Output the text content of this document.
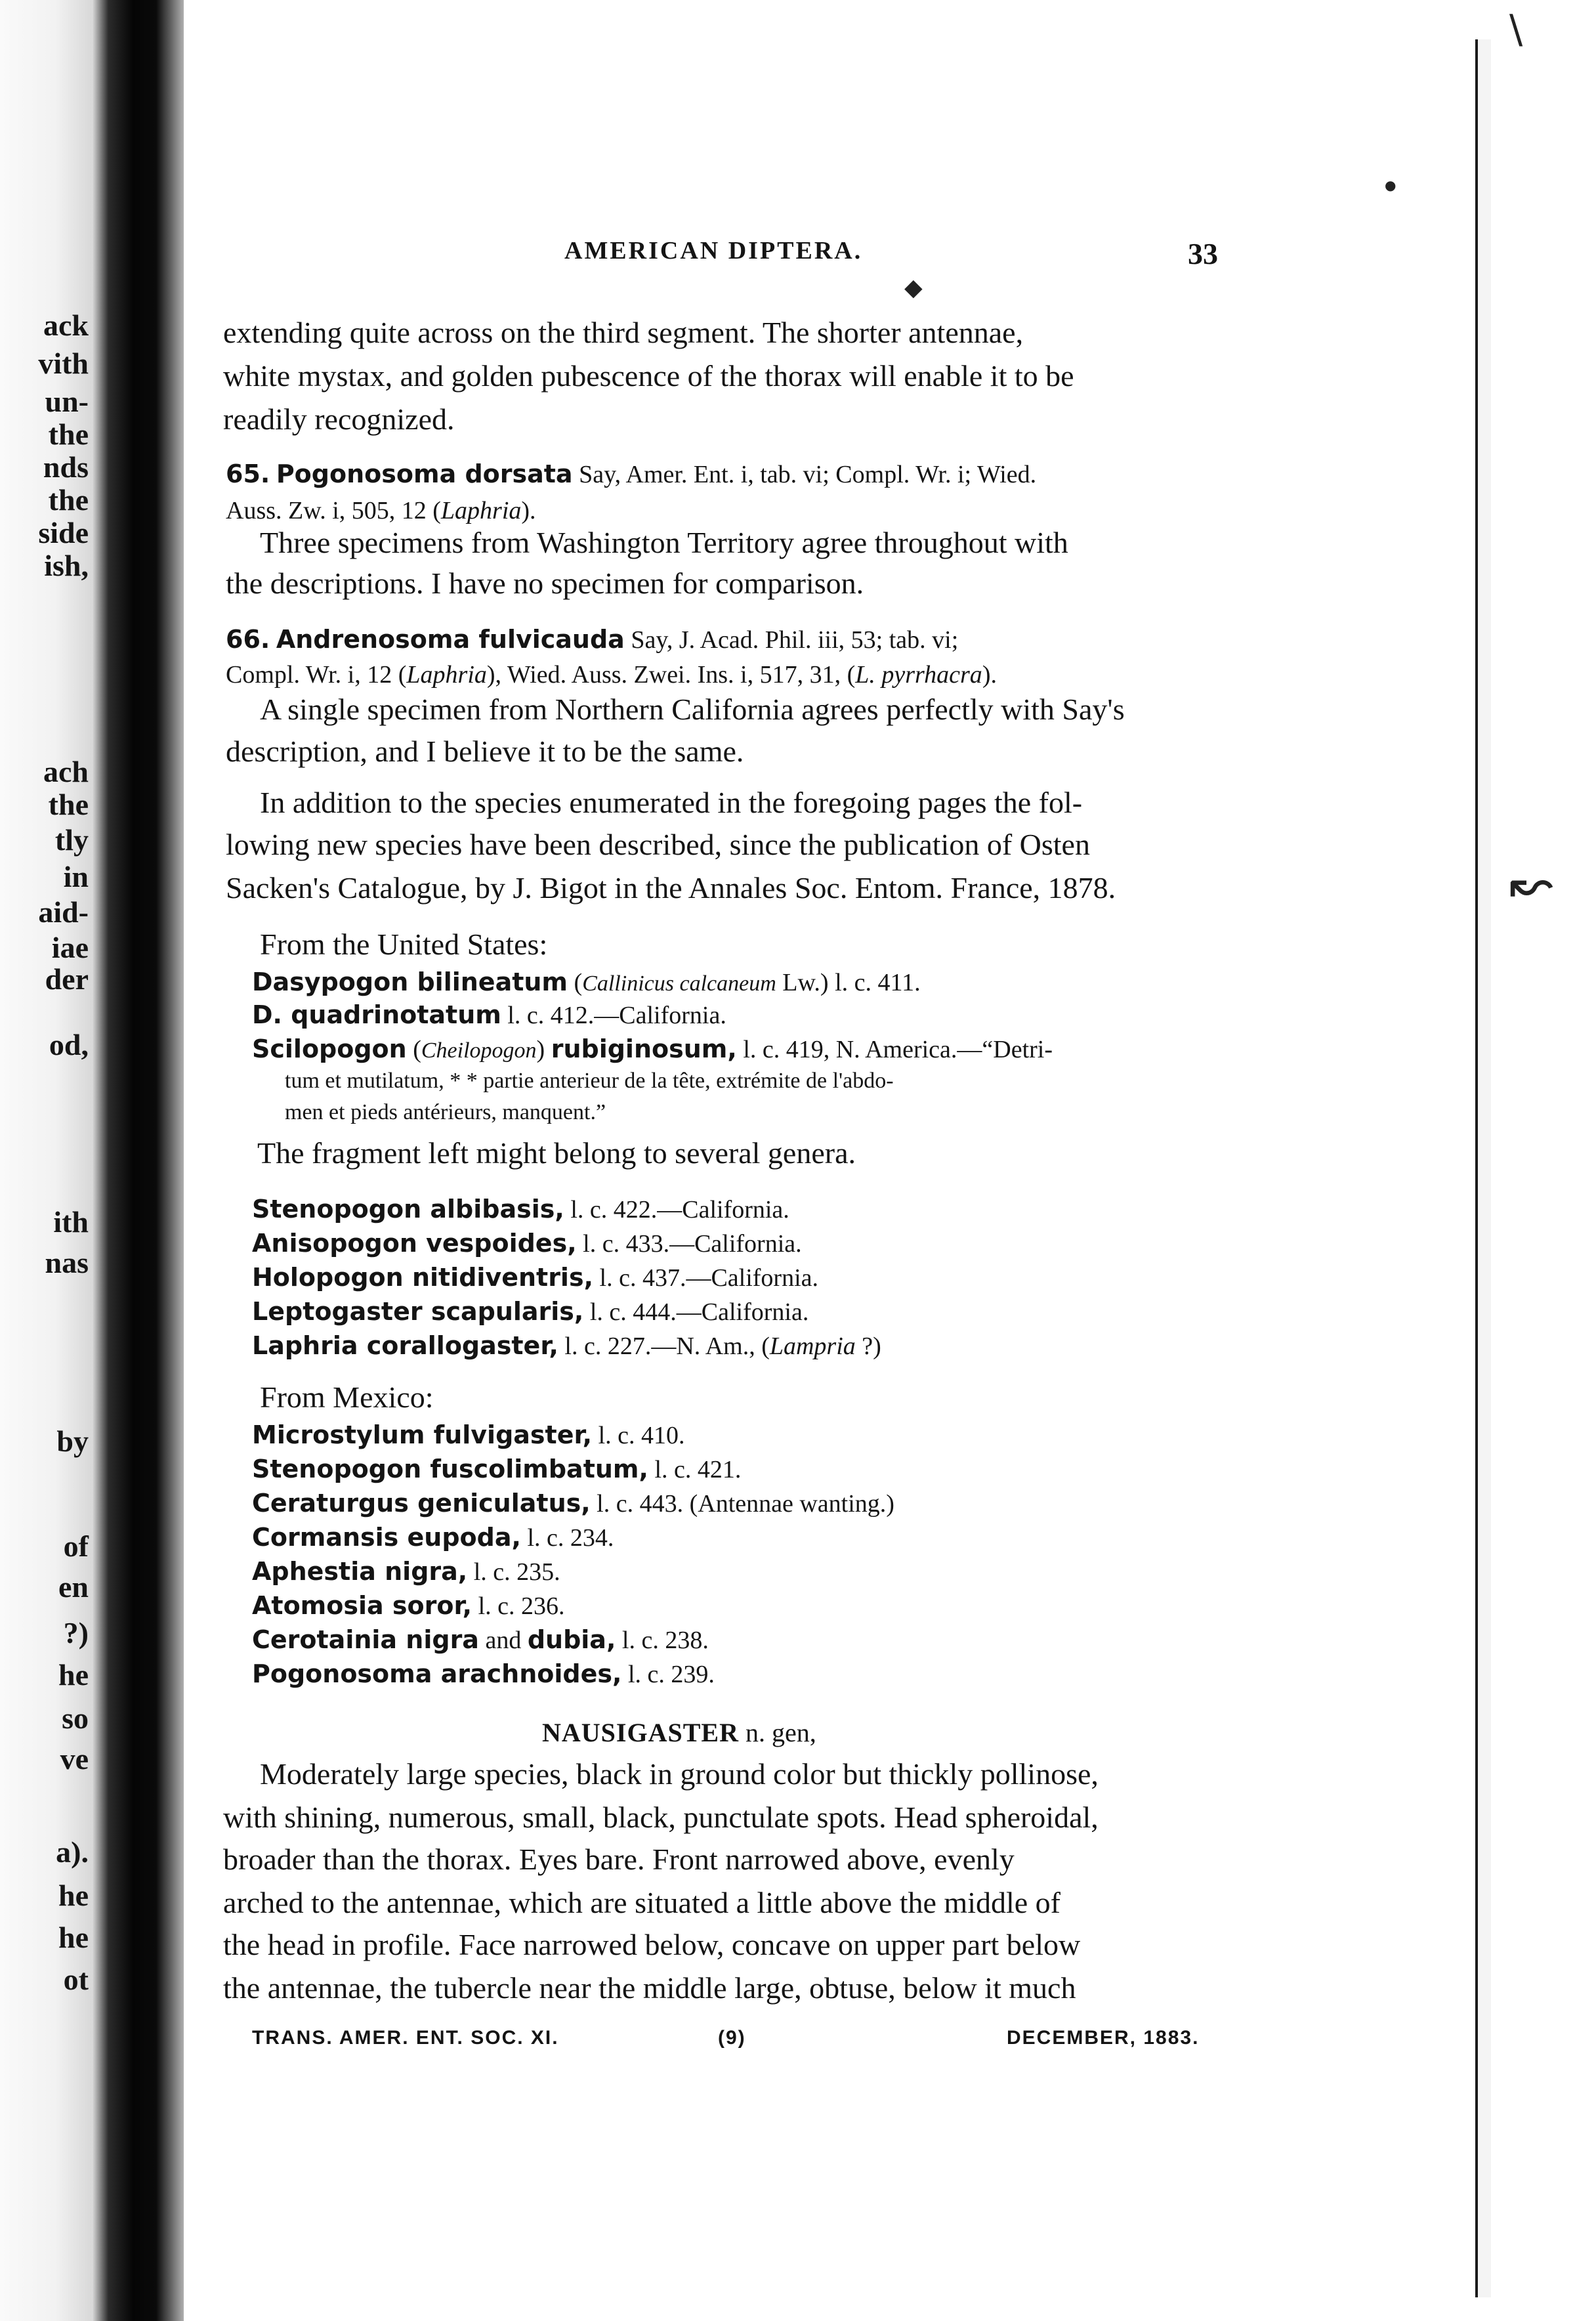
\
↜
●
◆
ack
vith
un-
the
nds
the
side
ish,
ach
the
tly
in
aid-
iae
der
od,
ith
nas
by
of
en
?)
he
so
ve
a).
he
he
ot
AMERICAN DIPTERA.	33
extending quite across on the third segment. The shorter antennae,
white mystax, and golden pubescence of the thorax will enable it to be
readily recognized.
65. Pogonosoma dorsata Say, Amer. Ent. i, tab. vi; Compl. Wr. i; Wied.
Auss. Zw. i, 505, 12 (Laphria).
Three specimens from Washington Territory agree throughout with
the descriptions. I have no specimen for comparison.
66. Andrenosoma fulvicauda Say, J. Acad. Phil. iii, 53; tab. vi;
Compl. Wr. i, 12 (Laphria), Wied. Auss. Zwei. Ins. i, 517, 31, (L. pyrrhacra).
A single specimen from Northern California agrees perfectly with Say's
description, and I believe it to be the same.
In addition to the species enumerated in the foregoing pages the fol-
lowing new species have been described, since the publication of Osten
Sacken's Catalogue, by J. Bigot in the Annales Soc. Entom. France, 1878.
From the United States:
Dasypogon bilineatum (Callinicus calcaneum Lw.) l. c. 411.
D. quadrinotatum l. c. 412.—California.
Scilopogon (Cheilopogon) rubiginosum, l. c. 419, N. America.—“Detri-
tum et mutilatum, * * partie anterieur de la tête, extrémite de l'abdo-
men et pieds antérieurs, manquent.”
The fragment left might belong to several genera.
Stenopogon albibasis, l. c. 422.—California.
Anisopogon vespoides, l. c. 433.—California.
Holopogon nitidiventris, l. c. 437.—California.
Leptogaster scapularis, l. c. 444.—California.
Laphria corallogaster, l. c. 227.—N. Am., (Lampria ?)
From Mexico:
Microstylum fulvigaster, l. c. 410.
Stenopogon fuscolimbatum, l. c. 421.
Ceraturgus geniculatus, l. c. 443. (Antennae wanting.)
Cormansis eupoda, l. c. 234.
Aphestia nigra, l. c. 235.
Atomosia soror, l. c. 236.
Cerotainia nigra and dubia, l. c. 238.
Pogonosoma arachnoides, l. c. 239.
NAUSIGASTER n. gen,
Moderately large species, black in ground color but thickly pollinose,
with shining, numerous, small, black, punctulate spots. Head spheroidal,
broader than the thorax. Eyes bare. Front narrowed above, evenly
arched to the antennae, which are situated a little above the middle of
the head in profile. Face narrowed below, concave on upper part below
the antennae, the tubercle near the middle large, obtuse, below it much
TRANS. AMER. ENT. SOC. XI.	(9)	DECEMBER, 1883.
